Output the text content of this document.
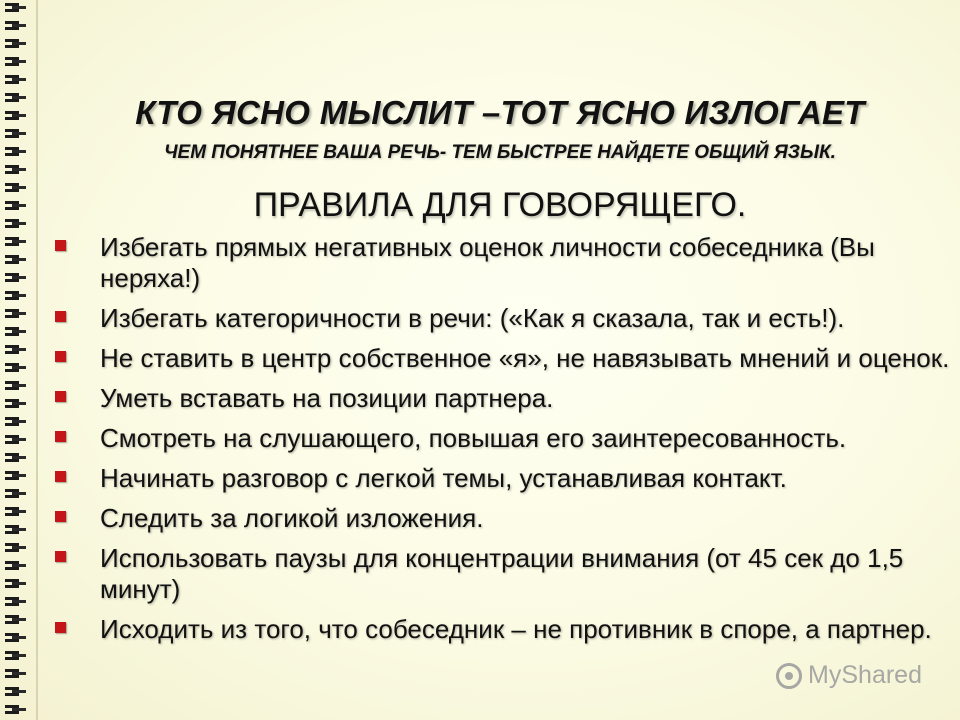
КТО ЯСНО МЫСЛИТ –ТОТ ЯСНО ИЗЛОГАЕТ
ЧЕМ ПОНЯТНЕЕ ВАША РЕЧЬ- ТЕМ БЫСТРЕЕ НАЙДЕТЕ ОБЩИЙ ЯЗЫК.
ПРАВИЛА ДЛЯ ГОВОРЯЩЕГО.
Избегать прямых негативных оценок личности собеседника (Вы неряха!)
Избегать категоричности в речи: («Как я сказала, так и есть!).
Не ставить в центр собственное «я», не навязывать мнений и оценок.
Уметь вставать на позиции партнера.
Смотреть на слушающего, повышая его заинтересованность.
Начинать разговор с легкой темы, устанавливая контакт.
Следить за логикой изложения.
Использовать паузы для концентрации внимания (от 45 сек до 1,5 минут)
Исходить из того, что собеседник – не противник в споре, а партнер.
MyShared
